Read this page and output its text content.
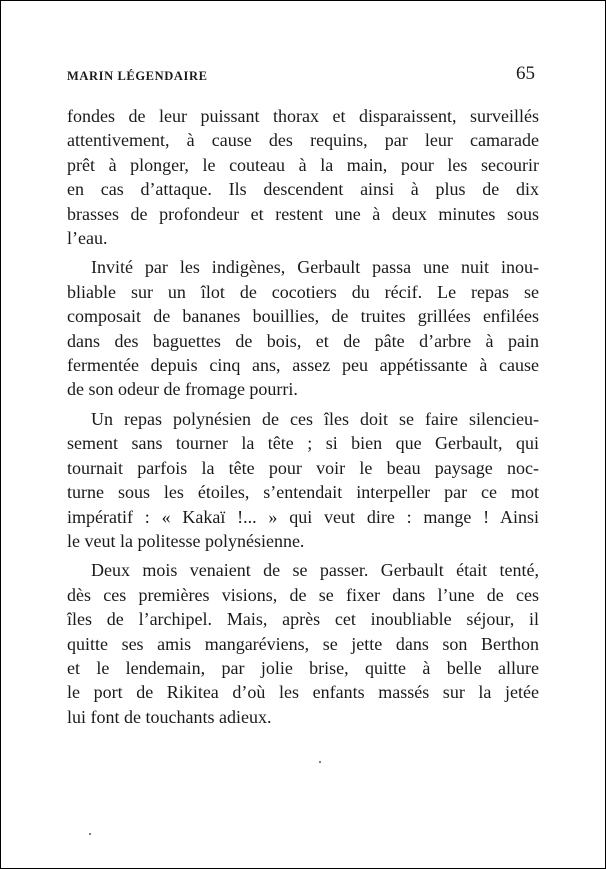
MARIN LÉGENDAIRE	65

fondes de leur puissant thorax et disparaissent, surveillés
attentivement, à cause des requins, par leur camarade
prêt à plonger, le couteau à la main, pour les secourir
en cas d’attaque. Ils descendent ainsi à plus de dix
brasses de profondeur et restent une à deux minutes sous
l’eau.

Invité par les indigènes, Gerbault passa une nuit inou-
bliable sur un îlot de cocotiers du récif. Le repas se
composait de bananes bouillies, de truites grillées enfilées
dans des baguettes de bois, et de pâte d’arbre à pain
fermentée depuis cinq ans, assez peu appétissante à cause
de son odeur de fromage pourri.

Un repas polynésien de ces îles doit se faire silencieu-
sement sans tourner la tête ; si bien que Gerbault, qui
tournait parfois la tête pour voir le beau paysage noc-
turne sous les étoiles, s’entendait interpeller par ce mot
impératif : « Kakaï !... » qui veut dire : mange ! Ainsi
le veut la politesse polynésienne.

Deux mois venaient de se passer. Gerbault était tenté,
dès ces premières visions, de se fixer dans l’une de ces
îles de l’archipel. Mais, après cet inoubliable séjour, il
quitte ses amis mangaréviens, se jette dans son Berthon
et le lendemain, par jolie brise, quitte à belle allure
le port de Rikitea d’où les enfants massés sur la jetée
lui font de touchants adieux.
